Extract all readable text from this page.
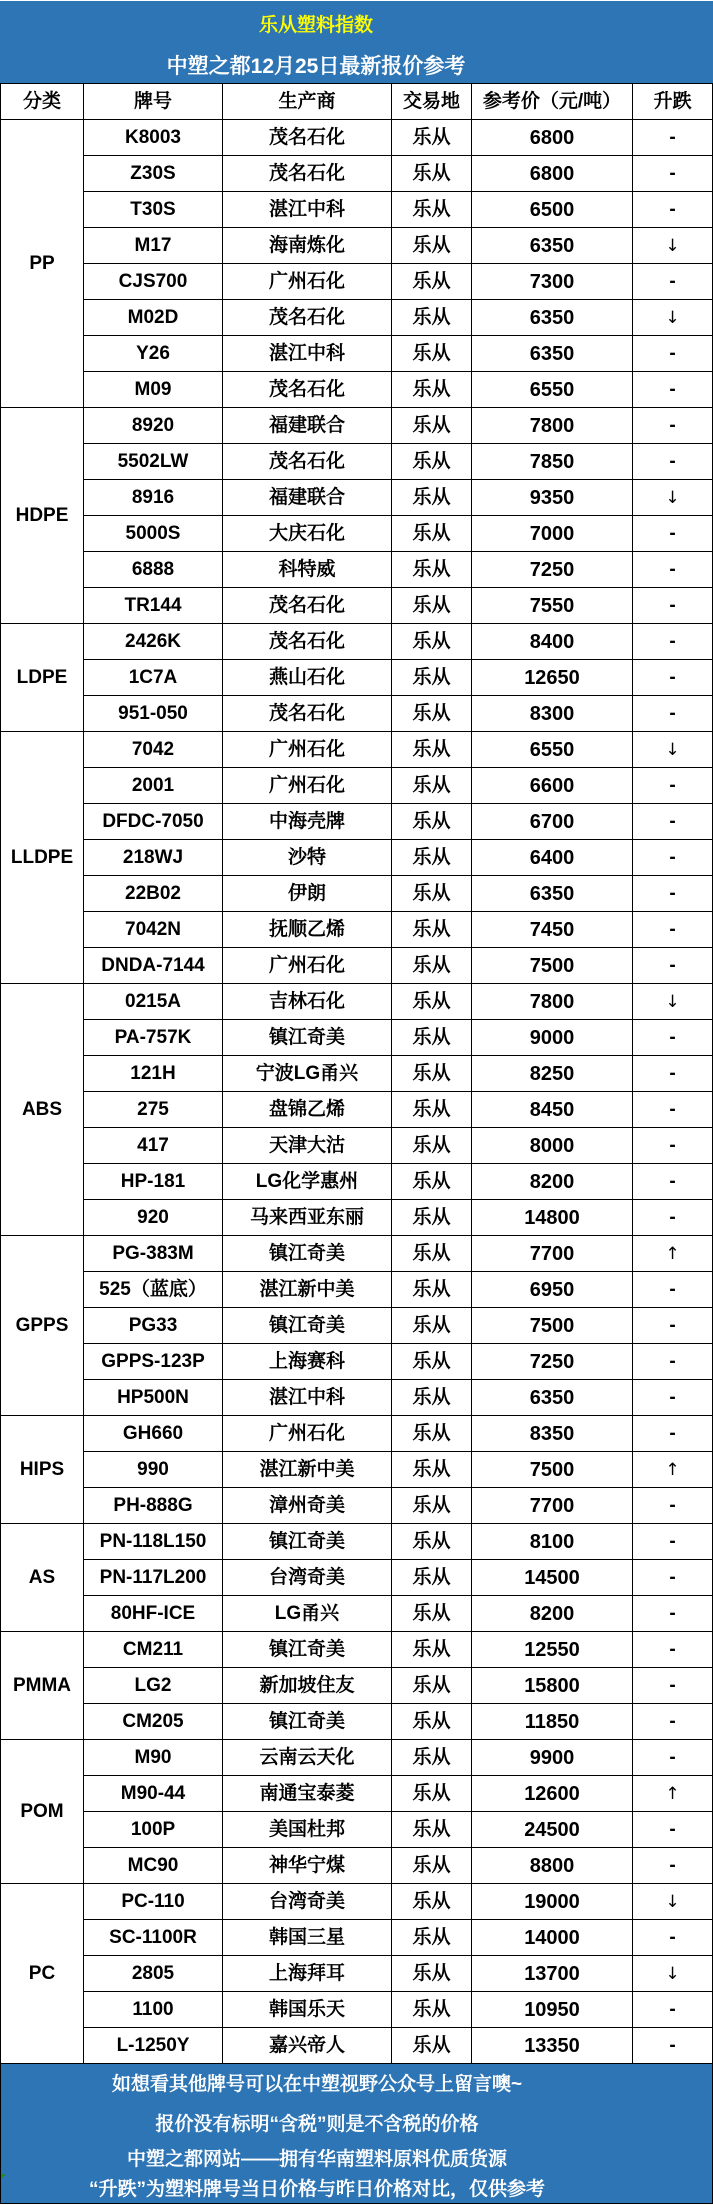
乐从塑料指数
中塑之都12月25日最新报价参考
分类	牌号	生产商	交易地	参考价（元/吨）	升跌
PP	K8003	茂名石化	乐从	6800	-
	Z30S	茂名石化	乐从	6800	-
	T30S	湛江中科	乐从	6500	-
	M17	海南炼化	乐从	6350	↓
	CJS700	广州石化	乐从	7300	-
	M02D	茂名石化	乐从	6350	↓
	Y26	湛江中科	乐从	6350	-
	M09	茂名石化	乐从	6550	-
HDPE	8920	福建联合	乐从	7800	-
	5502LW	茂名石化	乐从	7850	-
	8916	福建联合	乐从	9350	↓
	5000S	大庆石化	乐从	7000	-
	6888	科特威	乐从	7250	-
	TR144	茂名石化	乐从	7550	-
LDPE	2426K	茂名石化	乐从	8400	-
	1C7A	燕山石化	乐从	12650	-
	951-050	茂名石化	乐从	8300	-
LLDPE	7042	广州石化	乐从	6550	↓
	2001	广州石化	乐从	6600	-
	DFDC-7050	中海壳牌	乐从	6700	-
	218WJ	沙特	乐从	6400	-
	22B02	伊朗	乐从	6350	-
	7042N	抚顺乙烯	乐从	7450	-
	DNDA-7144	广州石化	乐从	7500	-
ABS	0215A	吉林石化	乐从	7800	↓
	PA-757K	镇江奇美	乐从	9000	-
	121H	宁波LG甬兴	乐从	8250	-
	275	盘锦乙烯	乐从	8450	-
	417	天津大沽	乐从	8000	-
	HP-181	LG化学惠州	乐从	8200	-
	920	马来西亚东丽	乐从	14800	-
GPPS	PG-383M	镇江奇美	乐从	7700	↑
	525（蓝底）	湛江新中美	乐从	6950	-
	PG33	镇江奇美	乐从	7500	-
	GPPS-123P	上海赛科	乐从	7250	-
	HP500N	湛江中科	乐从	6350	-
HIPS	GH660	广州石化	乐从	8350	-
	990	湛江新中美	乐从	7500	↑
	PH-888G	漳州奇美	乐从	7700	-
AS	PN-118L150	镇江奇美	乐从	8100	-
	PN-117L200	台湾奇美	乐从	14500	-
	80HF-ICE	LG甬兴	乐从	8200	-
PMMA	CM211	镇江奇美	乐从	12550	-
	LG2	新加坡住友	乐从	15800	-
	CM205	镇江奇美	乐从	11850	-
POM	M90	云南云天化	乐从	9900	-
	M90-44	南通宝泰菱	乐从	12600	↑
	100P	美国杜邦	乐从	24500	-
	MC90	神华宁煤	乐从	8800	-
PC	PC-110	台湾奇美	乐从	19000	↓
	SC-1100R	韩国三星	乐从	14000	-
	2805	上海拜耳	乐从	13700	↓
	1100	韩国乐天	乐从	10950	-
	L-1250Y	嘉兴帝人	乐从	13350	-
如想看其他牌号可以在中塑视野公众号上留言噢~
报价没有标明“含税”则是不含税的价格
中塑之都网站——拥有华南塑料原料优质货源
“升跌”为塑料牌号当日价格与昨日价格对比，仅供参考
